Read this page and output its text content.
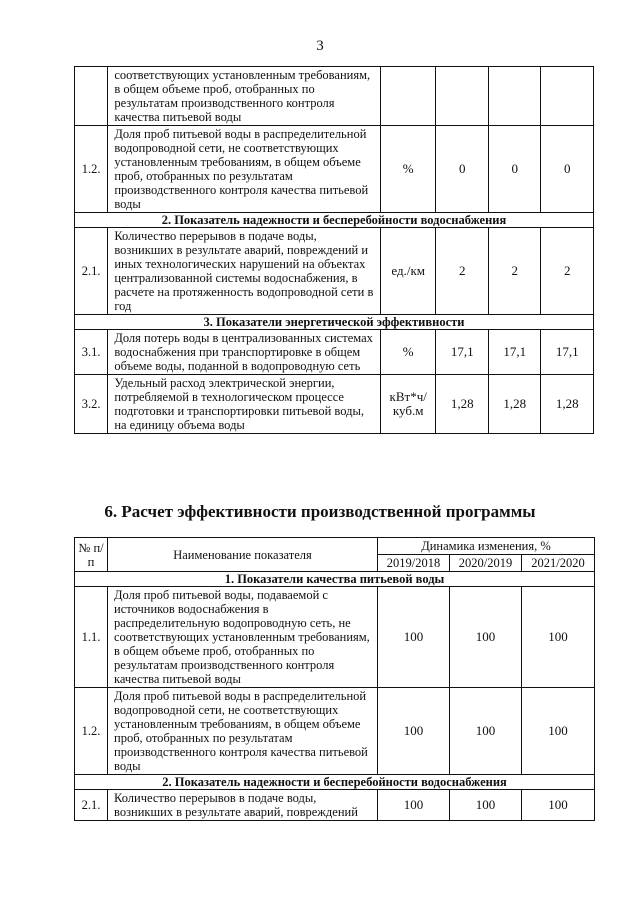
3
	соответствующих установленным требованиям, в общем объеме проб, отобранных по результатам производственного контроля качества питьевой воды				
1.2.	Доля проб питьевой воды в распределительной водопроводной сети, не соответствующих установленным требованиям, в общем объеме проб, отобранных по результатам производственного контроля качества питьевой воды	%	0	0	0
2. Показатель надежности и бесперебойности водоснабжения					
2.1.	Количество перерывов в подаче воды, возникших в результате аварий, повреждений и иных технологических нарушений на объектах централизованной системы водоснабжения, в расчете на протяженность водопроводной сети в год	ед./км	2	2	2
3. Показатели энергетической эффективности					
3.1.	Доля потерь воды в централизованных системах водоснабжения при транспортировке в общем объеме воды, поданной в водопроводную сеть	%	17,1	17,1	17,1
3.2.	Удельный расход электрической энергии, потребляемой в технологическом процессе подготовки и транспортировки питьевой воды, на единицу объема воды	кВт*ч/ куб.м	1,28	1,28	1,28
6. Расчет эффективности производственной программы
№ п/п	Наименование показателя	Динамика изменения, %		
		2019/2018	2020/2019	2021/2020
1. Показатели качества питьевой воды				
1.1.	Доля проб питьевой воды, подаваемой с источников водоснабжения в распределительную водопроводную сеть, не соответствующих установленным требованиям, в общем объеме проб, отобранных по результатам производственного контроля качества питьевой воды	100	100	100
1.2.	Доля проб питьевой воды в распределительной водопроводной сети, не соответствующих установленным требованиям, в общем объеме проб, отобранных по результатам производственного контроля качества питьевой воды	100	100	100
2. Показатель надежности и бесперебойности водоснабжения				
2.1.	Количество перерывов в подаче воды, возникших в результате аварий, повреждений	100	100	100
